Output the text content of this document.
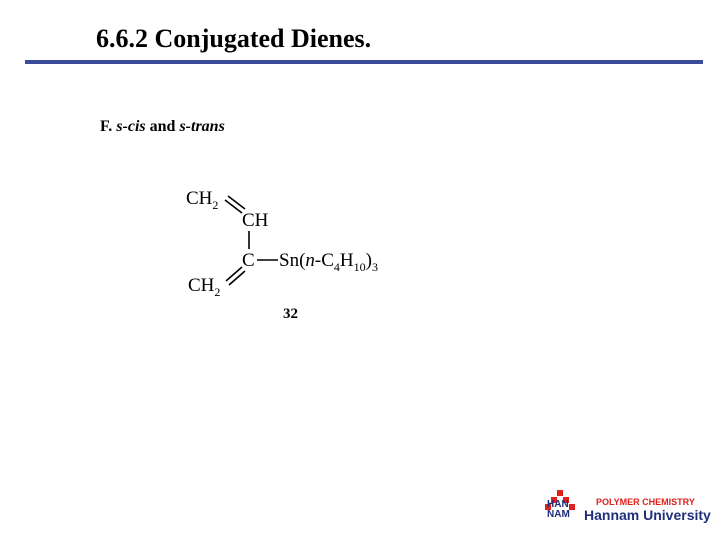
6.6.2 Conjugated Dienes.
F. s-cis and s-trans
$CH_2$
CH
C $Sn(n-C_4H_{10})_3$
$CH_2$
32
HAN
NAM
POLYMER CHEMISTRY
Hannam University
